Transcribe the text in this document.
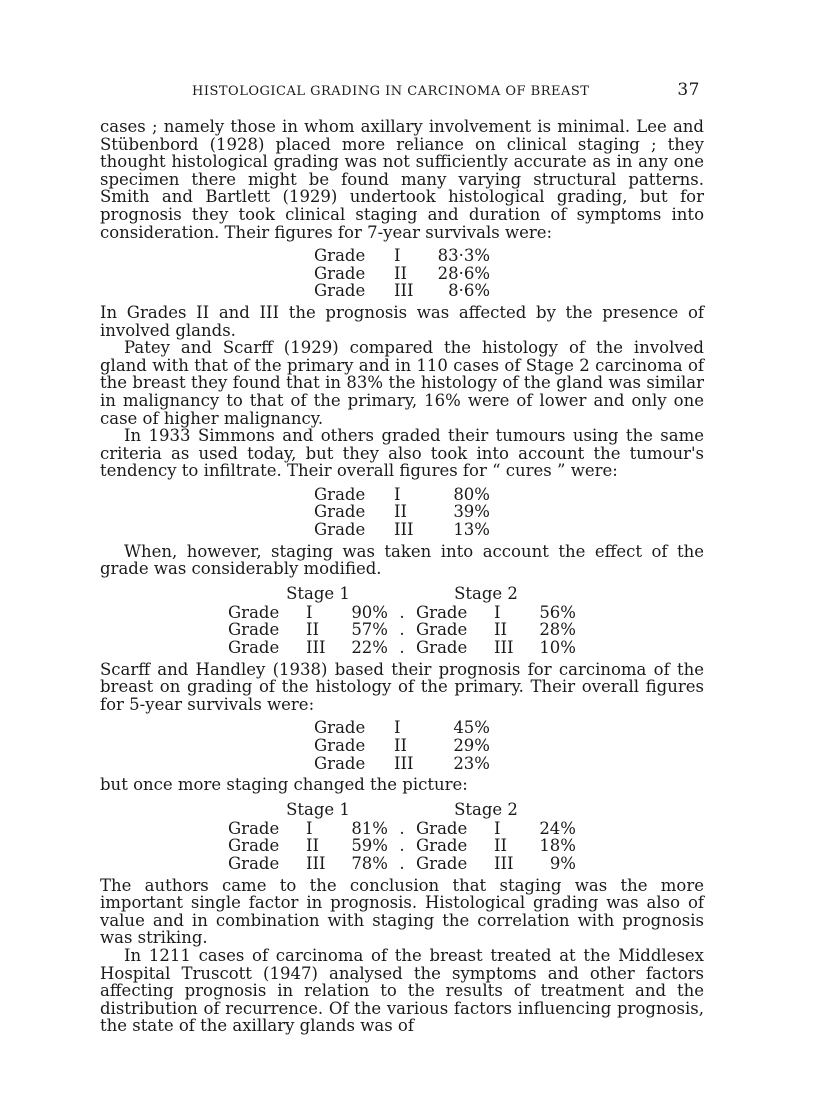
HISTOLOGICAL GRADING IN CARCINOMA OF BREAST	37

cases ; namely those in whom axillary involvement is minimal. Lee and Stübenbord (1928) placed more reliance on clinical staging ; they thought histological grading was not sufficiently accurate as in any one specimen there might be found many varying structural patterns. Smith and Bartlett (1929) undertook histological grading, but for prognosis they took clinical staging and duration of symptoms into consideration. Their figures for 7-year survivals were:

Grade	I	83·3%
Grade	II	28·6%
Grade	III	8·6%

In Grades II and III the prognosis was affected by the presence of involved glands.

Patey and Scarff (1929) compared the histology of the involved gland with that of the primary and in 110 cases of Stage 2 carcinoma of the breast they found that in 83% the histology of the gland was similar in malignancy to that of the primary, 16% were of lower and only one case of higher malignancy.

In 1933 Simmons and others graded their tumours using the same criteria as used today, but they also took into account the tumour's tendency to infiltrate. Their overall figures for “ cures ” were:

Grade	I	80%
Grade	II	39%
Grade	III	13%

When, however, staging was taken into account the effect of the grade was considerably modified.

Stage 1	Stage 2
Grade	I	90% . Grade	I	56%
Grade	II	57% . Grade	II	28%
Grade	III	22% . Grade	III	10%

Scarff and Handley (1938) based their prognosis for carcinoma of the breast on grading of the histology of the primary. Their overall figures for 5-year survivals were:

Grade	I	45%
Grade	II	29%
Grade	III	23%

but once more staging changed the picture:

Stage 1	Stage 2
Grade	I	81% . Grade	I	24%
Grade	II	59% . Grade	II	18%
Grade	III	78% . Grade	III	9%

The authors came to the conclusion that staging was the more important single factor in prognosis. Histological grading was also of value and in combination with staging the correlation with prognosis was striking.

In 1211 cases of carcinoma of the breast treated at the Middlesex Hospital Truscott (1947) analysed the symptoms and other factors affecting prognosis in relation to the results of treatment and the distribution of recurrence. Of the various factors influencing prognosis, the state of the axillary glands was of
